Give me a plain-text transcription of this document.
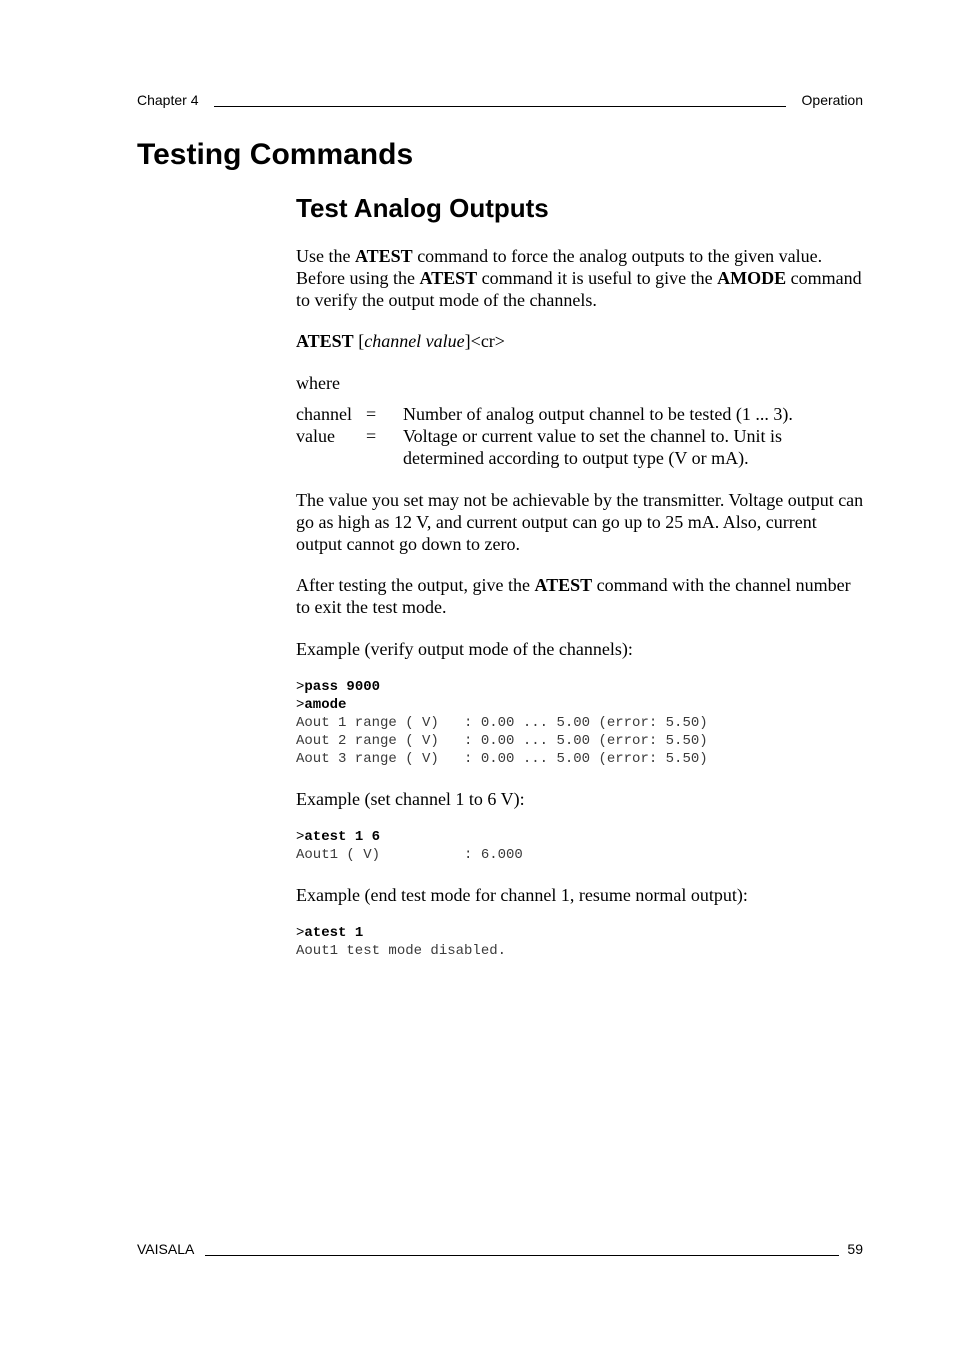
Chapter 4	Operation
Testing Commands
Test Analog Outputs

Use the ATEST command to force the analog outputs to the given value. Before using the ATEST command it is useful to give the AMODE command to verify the output mode of the channels.

ATEST [channel value]<cr>

where

channel =	Number of analog output channel to be tested (1 ... 3).
value	=	Voltage or current value to set the channel to. Unit is determined according to output type (V or mA).

The value you set may not be achievable by the transmitter. Voltage output can go as high as 12 V, and current output can go up to 25 mA. Also, current output cannot go down to zero.

After testing the output, give the ATEST command with the channel number to exit the test mode.

Example (verify output mode of the channels):

>pass 9000
>amode
Aout 1 range ( V)   : 0.00 ... 5.00 (error: 5.50)
Aout 2 range ( V)   : 0.00 ... 5.00 (error: 5.50)
Aout 3 range ( V)   : 0.00 ... 5.00 (error: 5.50)

Example (set channel 1 to 6 V):

>atest 1 6
Aout1 ( V)          : 6.000

Example (end test mode for channel 1, resume normal output):

>atest 1
Aout1 test mode disabled.
VAISALA	59
